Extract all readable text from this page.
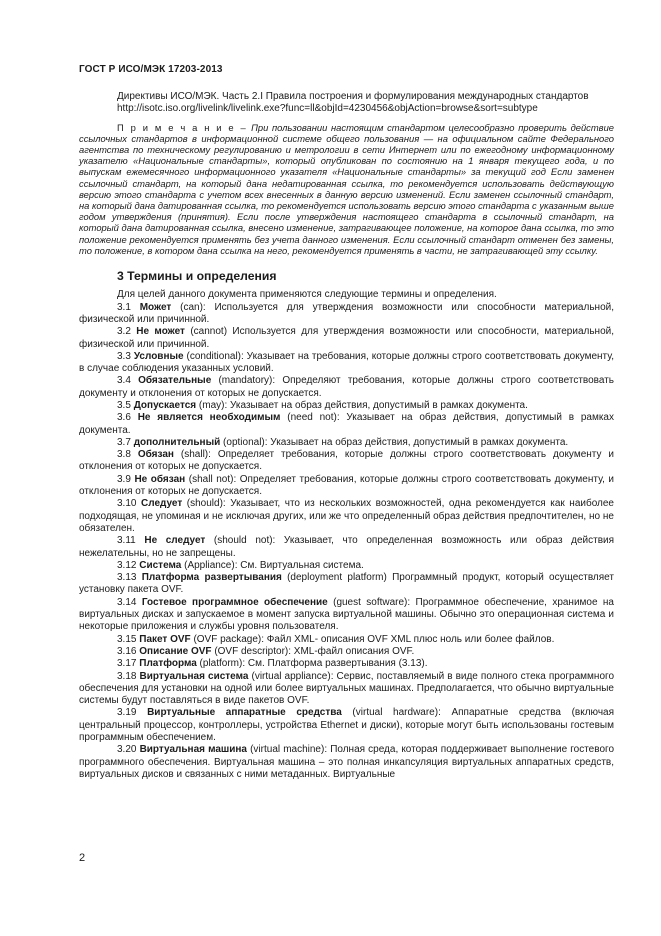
ГОСТ Р ИСО/МЭК 17203-2013

Директивы ИСО/МЭК. Часть 2.I Правила построения и формулирования международных стандартов

http://isotc.iso.org/livelink/livelink.exe?func=ll&objId=4230456&objAction=browse&sort=subtype

П р и м е ч а н и е – При пользовании настоящим стандартом целесообразно проверить действие ссылочных стандартов в информационной системе общего пользования — на официальном сайте Федерального агентства по техническому регулированию и метрологии в сети Интернет или по ежегодному информационному указателю «Национальные стандарты», который опубликован по состоянию на 1 января текущего года, и по выпускам ежемесячного информационного указателя «Национальные стандарты» за текущий год Если заменен ссылочный стандарт, на который дана недатированная ссылка, то рекомендуется использовать действующую версию этого стандарта с учетом всех внесенных в данную версию изменений. Если заменен ссылочный стандарт, на который дана датированная ссылка, то рекомендуется использовать версию этого стандарта с указанным выше годом утверждения (принятия). Если после утверждения настоящего стандарта в ссылочный стандарт, на который дана датированная ссылка, внесено изменение, затрагивающее положение, на которое дана ссылка, то это положение рекомендуется применять без учета данного изменения. Если ссылочный стандарт отменен без замены, то положение, в котором дана ссылка на него, рекомендуется применять в части, не затрагивающей эту ссылку.
3 Термины и определения

Для целей данного документа применяются следующие термины и определения.

3.1 Может (can): Используется для утверждения возможности или способности материальной, физической или причинной.

3.2 Не может (cannot) Используется для утверждения возможности или способности, материальной, физической или причинной.

3.3 Условные (conditional): Указывает на требования, которые должны строго соответствовать документу, в случае соблюдения указанных условий.

3.4 Обязательные (mandatory): Определяют требования, которые должны строго соответствовать документу и отклонения от которых не допускается.

3.5 Допускается (may): Указывает на образ действия, допустимый в рамках документа.

3.6 Не является необходимым (need not): Указывает на образ действия, допустимый в рамках документа.

3.7 дополнительный (optional): Указывает на образ действия, допустимый в рамках документа.

3.8 Обязан (shall): Определяет требования, которые должны строго соответствовать документу и отклонения от которых не допускается.

3.9 Не обязан (shall not): Определяет требования, которые должны строго соответствовать документу, и отклонения от которых не допускается.

3.10 Следует (should): Указывает, что из нескольких возможностей, одна рекомендуется как наиболее подходящая, не упоминая и не исключая других, или же что определенный образ действия предпочтителен, но не обязателен.

3.11 Не следует (should not): Указывает, что определенная возможность или образ действия нежелательны, но не запрещены.

3.12 Система (Appliance): См. Виртуальная система.

3.13 Платформа развертывания (deployment platform) Программный продукт, который осуществляет установку пакета OVF.

3.14 Гостевое программное обеспечение (guest software): Программное обеспечение, хранимое на виртуальных дисках и запускаемое в момент запуска виртуальной машины. Обычно это операционная система и некоторые приложения и службы уровня пользователя.

3.15 Пакет OVF (OVF package): Файл XML- описания OVF XML плюс ноль или более файлов.

3.16 Описание OVF (OVF descriptor): XML-файл описания OVF.

3.17 Платформа (platform): См. Платформа развертывания (3.13).

3.18 Виртуальная система (virtual appliance): Сервис, поставляемый в виде полного стека программного обеспечения для установки на одной или более виртуальных машинах. Предполагается, что обычно виртуальные системы будут поставляться в виде пакетов OVF.

3.19 Виртуальные аппаратные средства (virtual hardware): Аппаратные средства (включая центральный процессор, контроллеры, устройства Ethernet и диски), которые могут быть использованы гостевым программным обеспечением.

3.20 Виртуальная машина (virtual machine): Полная среда, которая поддерживает выполнение гостевого программного обеспечения. Виртуальная машина – это полная инкапсуляция виртуальных аппаратных средств, виртуальных дисков и связанных с ними метаданных. Виртуальные

2
